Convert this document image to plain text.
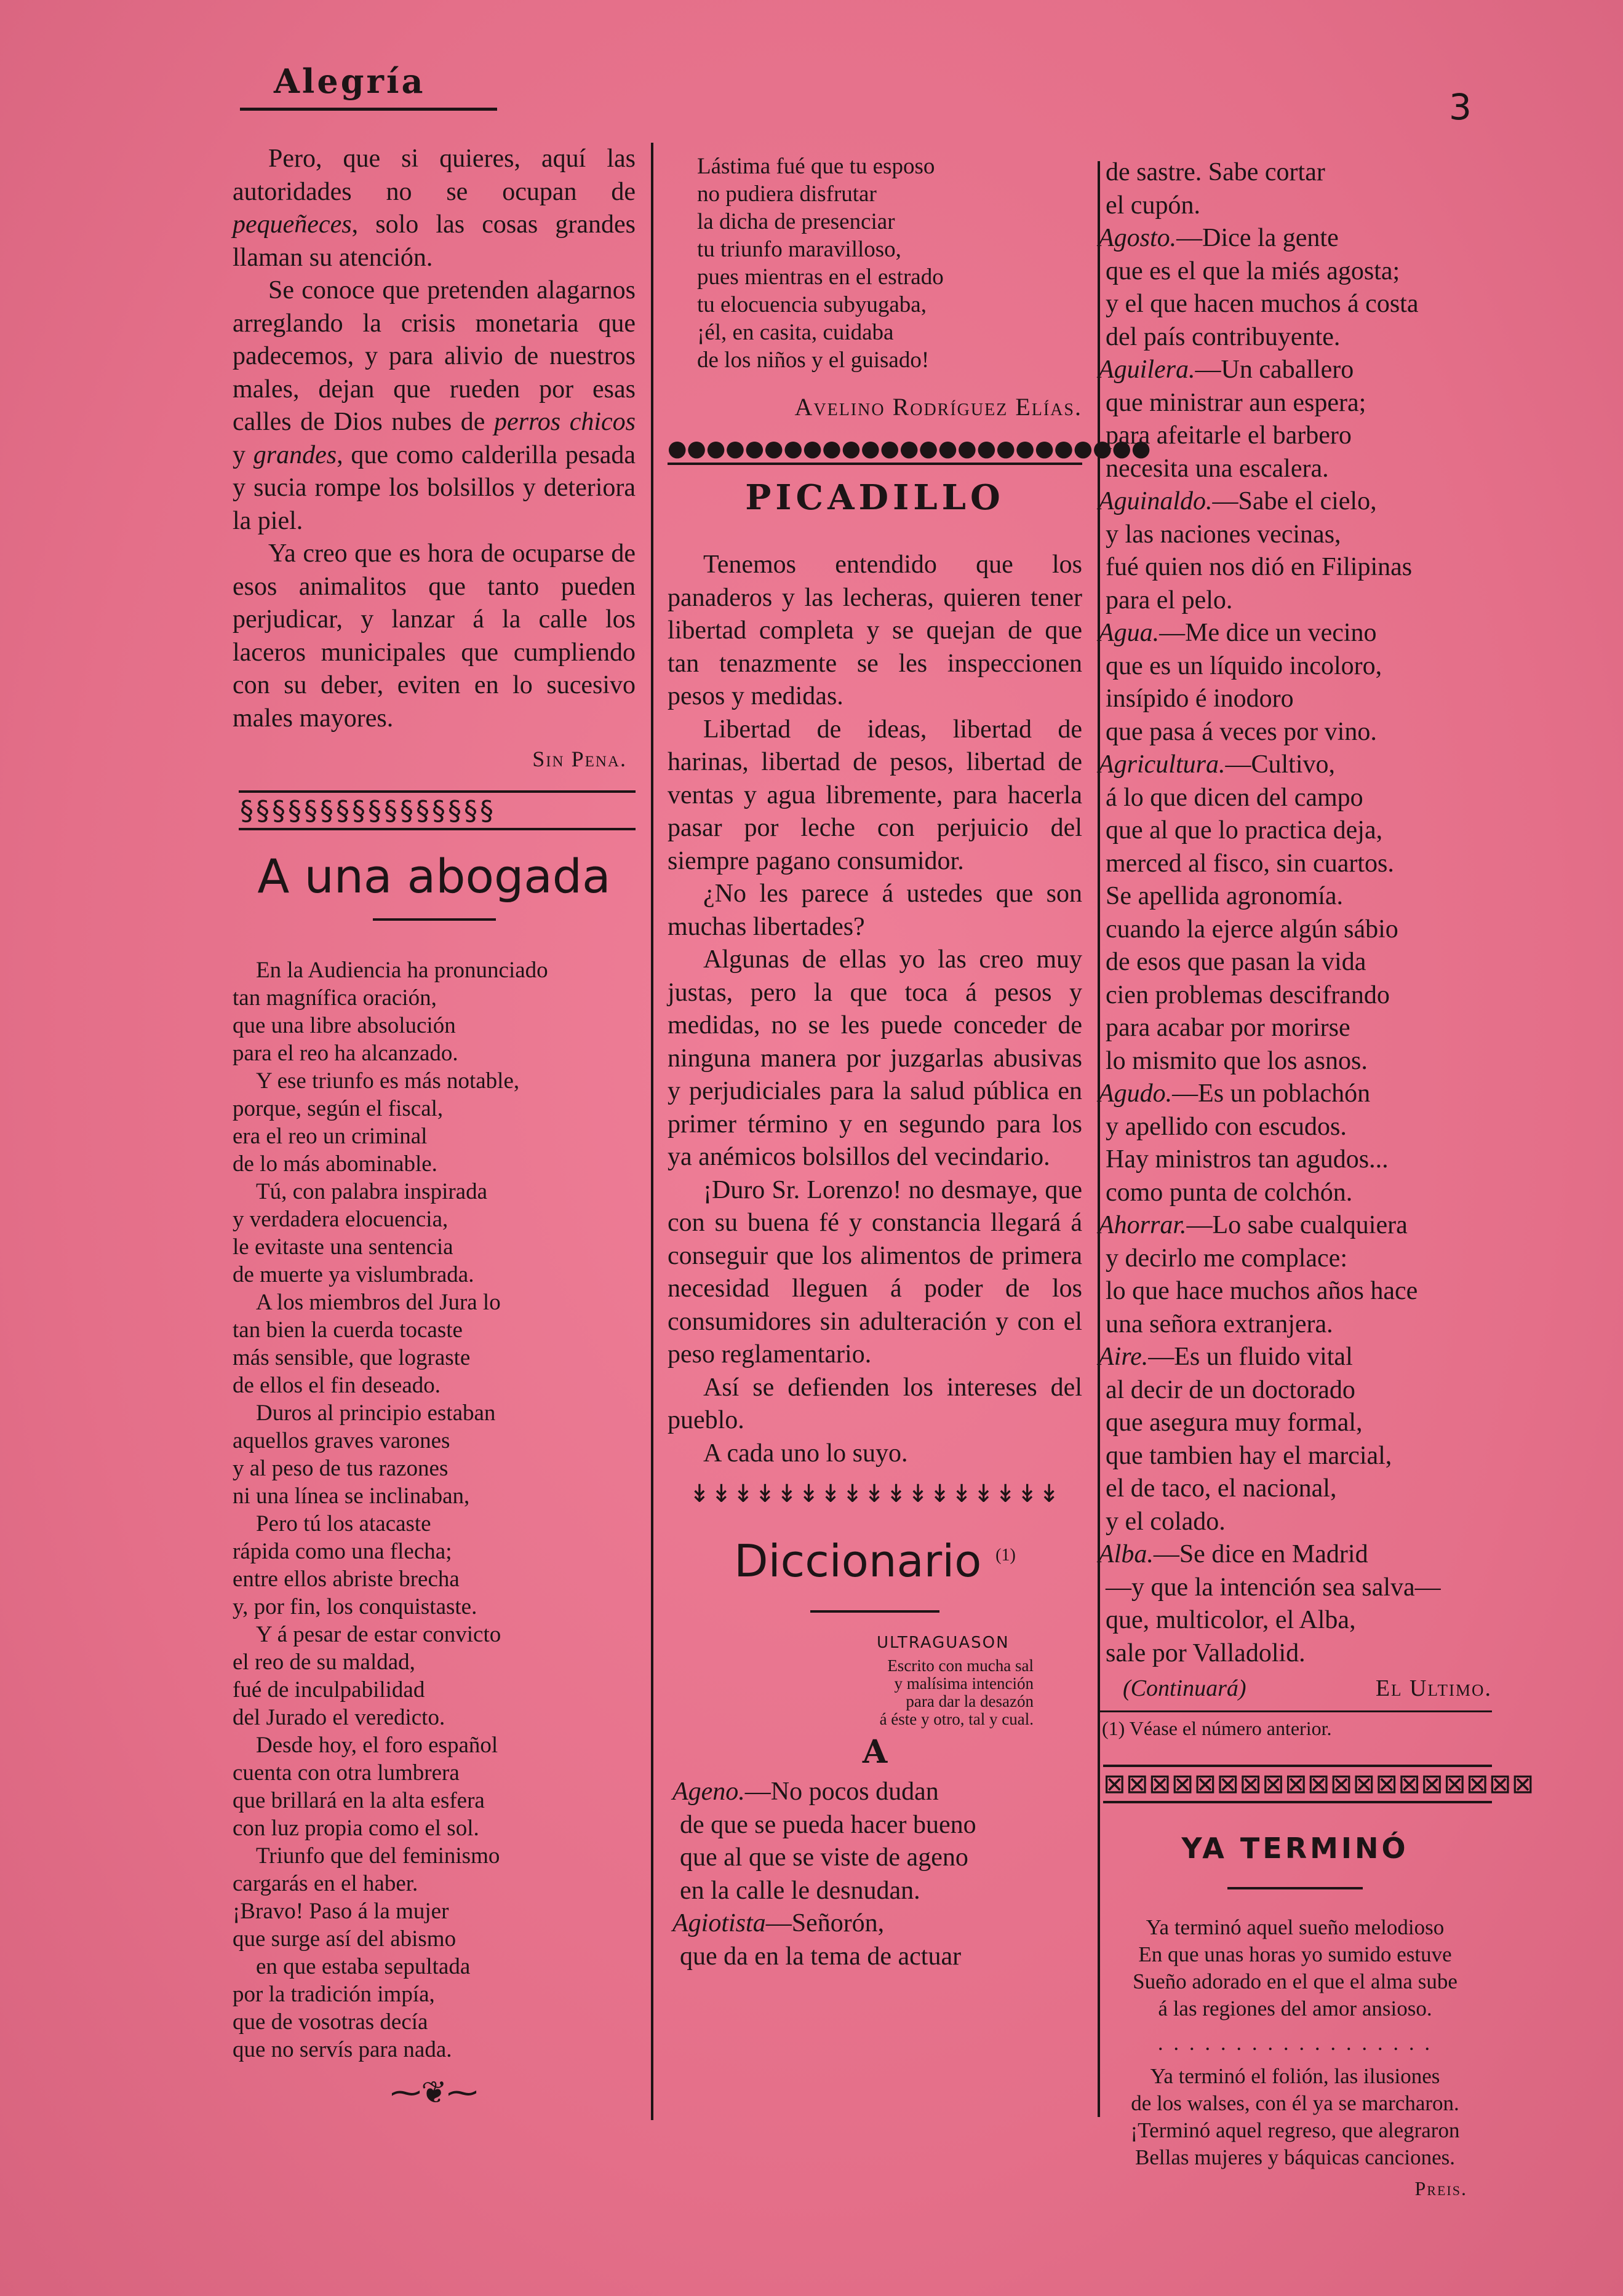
Alegría
3

Pero, que si quieres, aquí las autoridades no se ocupan de pequeñeces, solo las cosas grandes llaman su atención.

Se conoce que pretenden alagarnos arreglando la crisis monetaria que padecemos, y para alivio de nuestros males, dejan que rueden por esas calles de Dios nubes de perros chicos y grandes, que como calderilla pesada y sucia rompe los bolsillos y deteriora la piel.

Ya creo que es hora de ocuparse de esos animalitos que tanto pueden perjudicar, y lanzar á la calle los laceros municipales que cumpliendo con su deber, eviten en lo sucesivo males mayores.

Sin Pena.
§§§§§§§§§§§§§§§§
A una abogada
En la Audiencia ha pronunciado
tan magnífica oración,
que una libre absolución
para el reo ha alcanzado.
Y ese triunfo es más notable,
porque, según el fiscal,
era el reo un criminal
de lo más abominable.
Tú, con palabra inspirada
y verdadera elocuencia,
le evitaste una sentencia
de muerte ya vislumbrada.
A los miembros del Jura lo
tan bien la cuerda tocaste
más sensible, que lograste
de ellos el fin deseado.
Duros al principio estaban
aquellos graves varones
y al peso de tus razones
ni una línea se inclinaban,
Pero tú los atacaste
rápida como una flecha;
entre ellos abriste brecha
y, por fin, los conquistaste.
Y á pesar de estar convicto
el reo de su maldad,
fué de inculpabilidad
del Jurado el veredicto.
Desde hoy, el foro español
cuenta con otra lumbrera
que brillará en la alta esfera
con luz propia como el sol.
Triunfo que del feminismo
cargarás en el haber.
¡Bravo! Paso á la mujer
que surge así del abismo
en que estaba sepultada
por la tradición impía,
que de vosotras decía
que no servís para nada.
⁓❦⁓
Lástima fué que tu esposo
no pudiera disfrutar
la dicha de presenciar
tu triunfo maravilloso,
pues mientras en el estrado
tu elocuencia subyugaba,
¡él, en casita, cuidaba
de los niños y el guisado!
Avelino Rodríguez Elías.
●●●●●●●●●●●●●●●●●●●●●●●●●
PICADILLO

Tenemos entendido que los panaderos y las lecheras, quieren tener libertad completa y se quejan de que tan tenazmente se les inspeccionen pesos y medidas.

Libertad de ideas, libertad de harinas, libertad de pesos, libertad de ventas y agua libremente, para hacerla pasar por leche con perjuicio del siempre pagano consumidor.

¿No les parece á ustedes que son muchas libertades?

Algunas de ellas yo las creo muy justas, pero la que toca á pesos y medidas, no se les puede conceder de ninguna manera por juzgarlas abusivas y perjudiciales para la salud pública en primer término y en segundo para los ya anémicos bolsillos del vecindario.

¡Duro Sr. Lorenzo! no desmaye, que con su buena fé y constancia llegará á conseguir que los alimentos de primera necesidad lleguen á poder de los consumidores sin adulteración y con el peso reglamentario.

Así se defienden los intereses del pueblo.

A cada uno lo suyo.

↡↡↡↡↡↡↡↡↡↡↡↡↡↡↡↡↡
Diccionario $^{(1)}$
ULTRAGUASON
Escrito con mucha sal
y malísima intención
para dar la desazón
á éste y otro, tal y cual.
A
Ageno.—No pocos dudan
de que se pueda hacer bueno
que al que se viste de ageno
en la calle le desnudan.
Agiotista—Señorón,
que da en la tema de actuar
de sastre. Sabe cortar
el cupón.
Agosto.—Dice la gente
que es el que la miés agosta;
y el que hacen muchos á costa
del país contribuyente.
Aguilera.—Un caballero
que ministrar aun espera;
para afeitarle el barbero
necesita una escalera.
Aguinaldo.—Sabe el cielo,
y las naciones vecinas,
fué quien nos dió en Filipinas
para el pelo.
Agua.—Me dice un vecino
que es un líquido incoloro,
insípido é inodoro
que pasa á veces por vino.
Agricultura.—Cultivo,
á lo que dicen del campo
que al que lo practica deja,
merced al fisco, sin cuartos.
Se apellida agronomía.
cuando la ejerce algún sábio
de esos que pasan la vida
cien problemas descifrando
para acabar por morirse
lo mismito que los asnos.
Agudo.—Es un poblachón
y apellido con escudos.
Hay ministros tan agudos...
como punta de colchón.
Ahorrar.—Lo sabe cualquiera
y decirlo me complace:
lo que hace muchos años hace
una señora extranjera.
Aire.—Es un fluido vital
al decir de un doctorado
que asegura muy formal,
que tambien hay el marcial,
el de taco, el nacional,
y el colado.
Alba.—Se dice en Madrid
—y que la intención sea salva—
que, multicolor, el Alba,
sale por Valladolid.
(Continuará)	El Ultimo.
(1) Véase el número anterior.
⊠⊠⊠⊠⊠⊠⊠⊠⊠⊠⊠⊠⊠⊠⊠⊠⊠⊠⊠
YA TERMINÓ
Ya terminó aquel sueño melodioso
En que unas horas yo sumido estuve
Sueño adorado en el que el alma sube
á las regiones del amor ansioso.
. . . . . . . . . . . . . . . . . .
Ya terminó el folión, las ilusiones
de los walses, con él ya se marcharon.
¡Terminó aquel regreso, que alegraron
Bellas mujeres y báquicas canciones.
Preis.
